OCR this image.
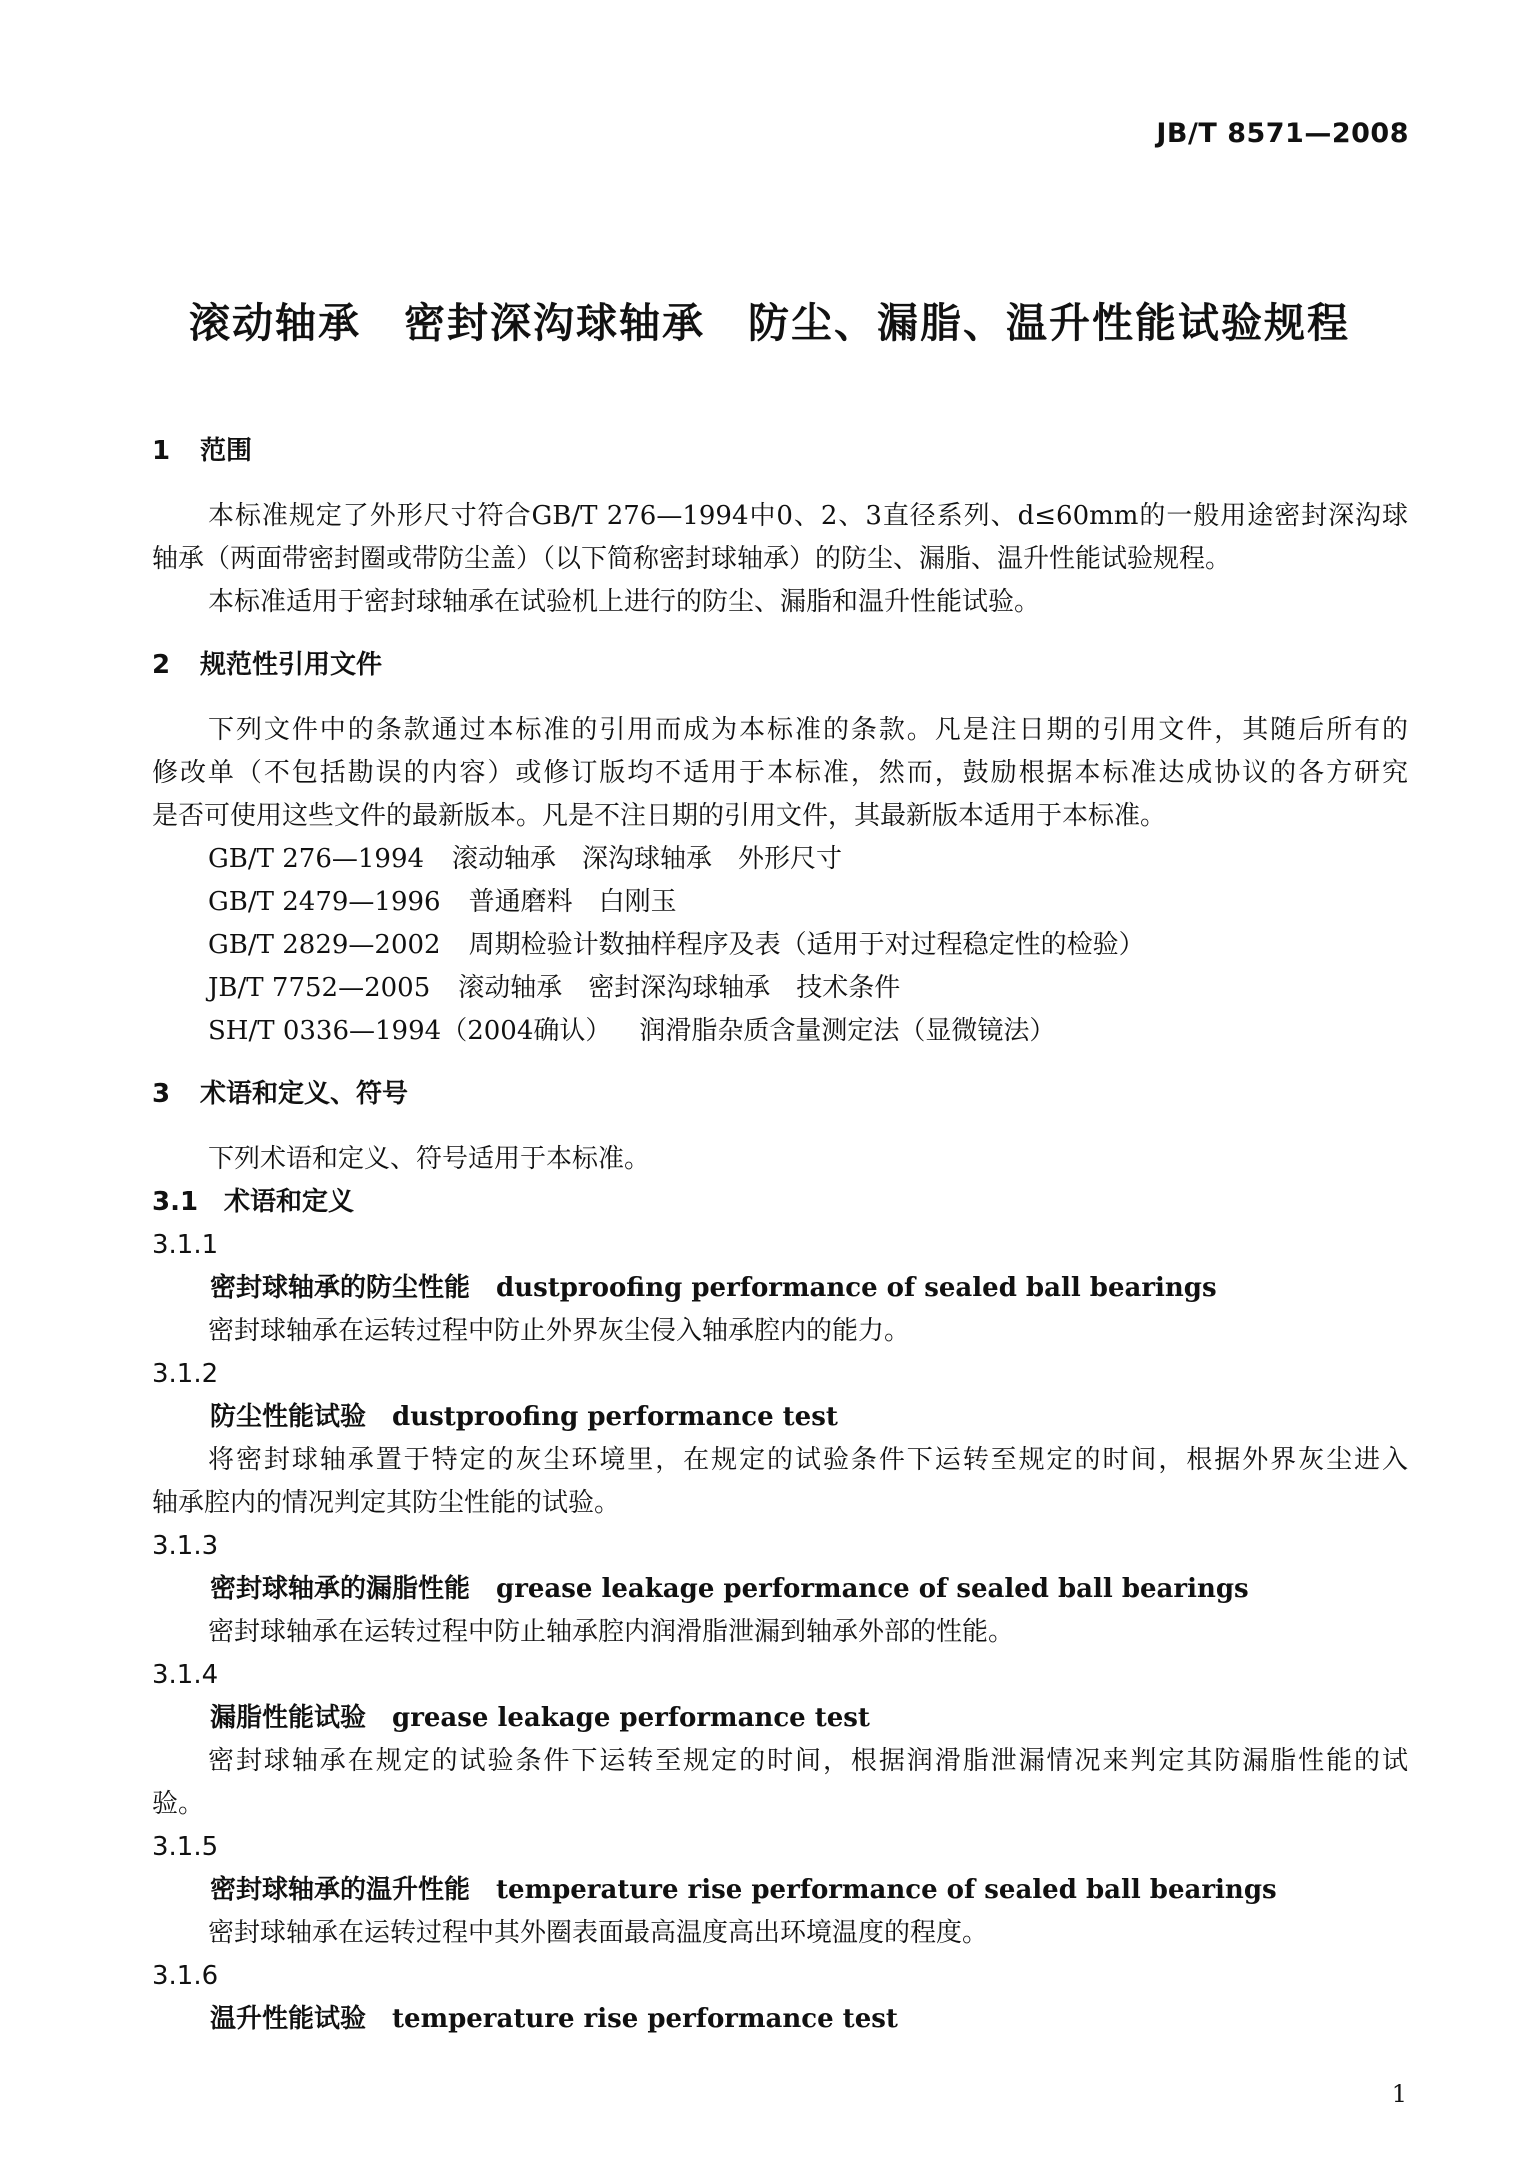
JB/T 8571—2008
滚动轴承　密封深沟球轴承　防尘、漏脂、温升性能试验规程
1 范围
本标准规定了外形尺寸符合GB/T 276—1994中0、2、3直径系列、d≤60mm的一般用途密封深沟球
轴承（两面带密封圈或带防尘盖）（以下简称密封球轴承）的防尘、漏脂、温升性能试验规程。
本标准适用于密封球轴承在试验机上进行的防尘、漏脂和温升性能试验。
2 规范性引用文件
下列文件中的条款通过本标准的引用而成为本标准的条款。凡是注日期的引用文件，其随后所有的
修改单（不包括勘误的内容）或修订版均不适用于本标准，然而，鼓励根据本标准达成协议的各方研究
是否可使用这些文件的最新版本。凡是不注日期的引用文件，其最新版本适用于本标准。
GB/T 276—1994 滚动轴承　深沟球轴承　外形尺寸
GB/T 2479—1996 普通磨料　白刚玉
GB/T 2829—2002 周期检验计数抽样程序及表（适用于对过程稳定性的检验）
JB/T 7752—2005 滚动轴承　密封深沟球轴承　技术条件
SH/T 0336—1994（2004确认） 润滑脂杂质含量测定法（显微镜法）
3 术语和定义、符号
下列术语和定义、符号适用于本标准。
3.1 术语和定义
3.1.1
密封球轴承的防尘性能 dustproofing performance of sealed ball bearings
密封球轴承在运转过程中防止外界灰尘侵入轴承腔内的能力。
3.1.2
防尘性能试验 dustproofing performance test
将密封球轴承置于特定的灰尘环境里，在规定的试验条件下运转至规定的时间，根据外界灰尘进入
轴承腔内的情况判定其防尘性能的试验。
3.1.3
密封球轴承的漏脂性能 grease leakage performance of sealed ball bearings
密封球轴承在运转过程中防止轴承腔内润滑脂泄漏到轴承外部的性能。
3.1.4
漏脂性能试验 grease leakage performance test
密封球轴承在规定的试验条件下运转至规定的时间，根据润滑脂泄漏情况来判定其防漏脂性能的试
验。
3.1.5
密封球轴承的温升性能 temperature rise performance of sealed ball bearings
密封球轴承在运转过程中其外圈表面最高温度高出环境温度的程度。
3.1.6
温升性能试验 temperature rise performance test
1
